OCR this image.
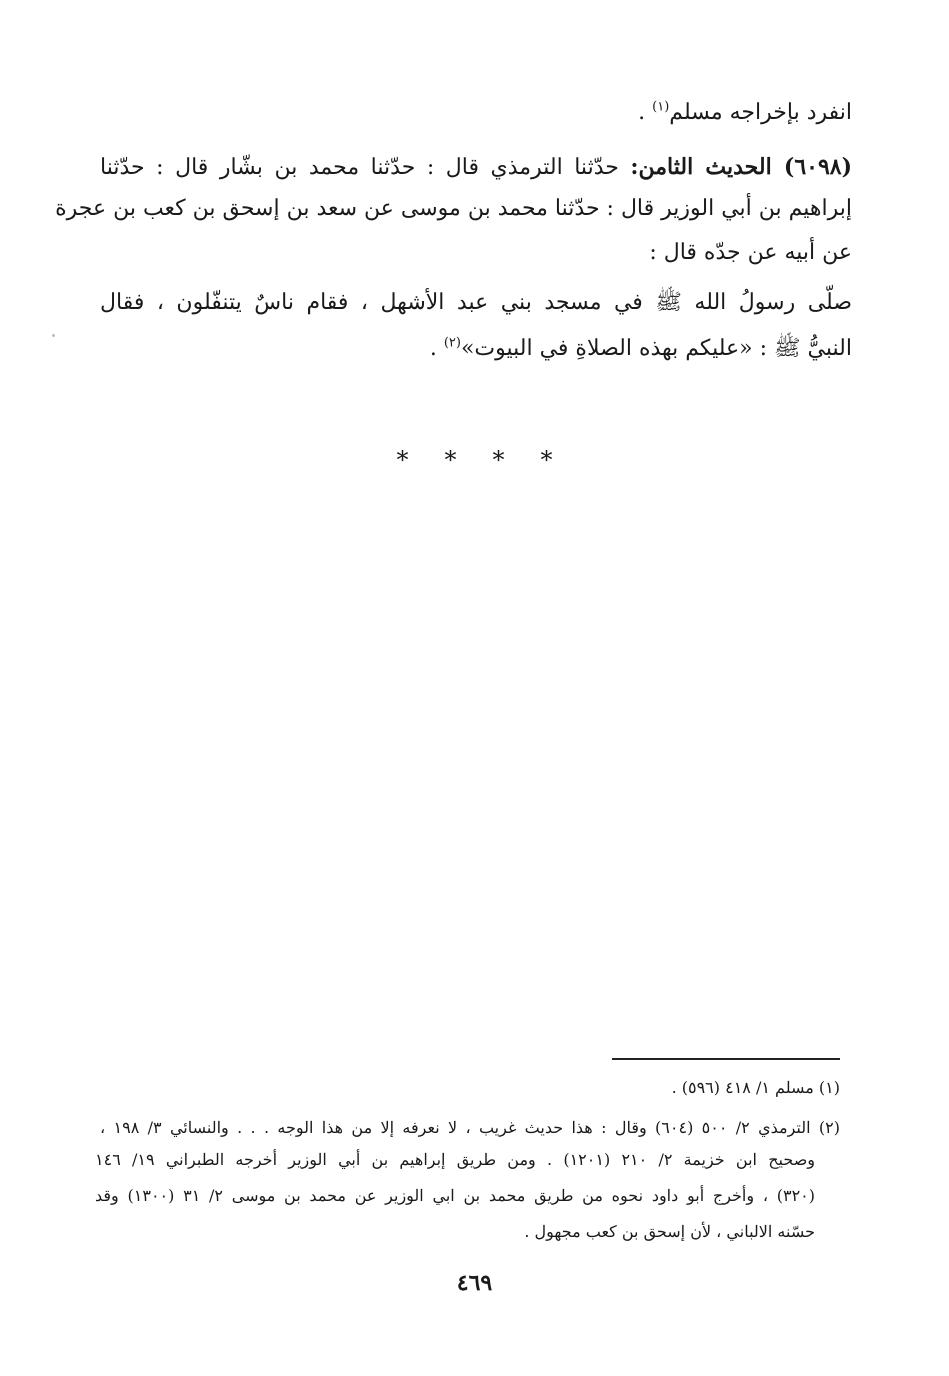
انفرد بإخراجه مسلم$^{(١)}$ .
(٦٠٩٨) الحديث الثامن: حدّثنا الترمذي قال : حدّثنا محمد بن بشّار قال : حدّثنا
إبراهيم بن أبي الوزير قال : حدّثنا محمد بن موسى عن سعد بن إسحق بن كعب بن عجرة
عن أبيه عن جدّه قال :
صلّى رسولُ الله ﷺ في مسجد بني عبد الأشهل ، فقام ناسٌ يتنفّلون ، فقال
النبيُّ ﷺ : «عليكم بهذه الصلاةِ في البيوت»$^{(٢)}$ .
* * * *
(١) مسلم ١/ ٤١٨ (٥٩٦) .
(٢) الترمذي ٢/ ٥٠٠ (٦٠٤) وقال : هذا حديث غريب ، لا نعرفه إلا من هذا الوجه . . . والنسائي ٣/ ١٩٨ ،
وصحيح ابن خزيمة ٢/ ٢١٠ (١٢٠١) . ومن طريق إبراهيم بن أبي الوزير أخرجه الطبراني ١٩/ ١٤٦
(٣٢٠) ، وأخرج أبو داود نحوه من طريق محمد بن ابي الوزير عن محمد بن موسى ٢/ ٣١ (١٣٠٠) وقد
حسّنه الالباني ، لأن إسحق بن كعب مجهول .
٤٦٩
